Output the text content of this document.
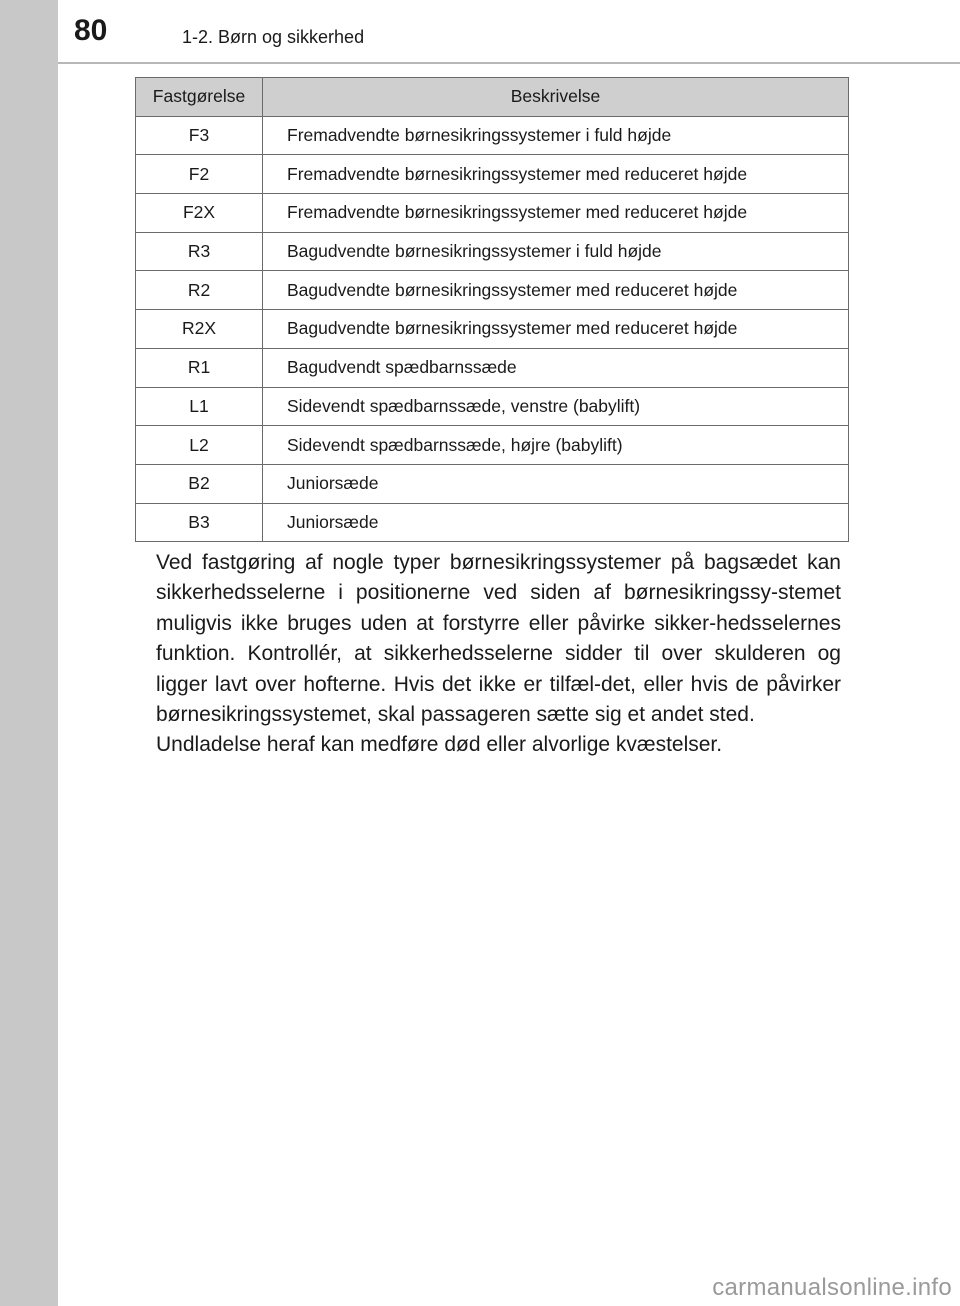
80	1-2. Børn og sikkerhed
Fastgørelse	Beskrivelse
F3	Fremadvendte børnesikringssystemer i fuld højde
F2	Fremadvendte børnesikringssystemer med reduceret højde
F2X	Fremadvendte børnesikringssystemer med reduceret højde
R3	Bagudvendte børnesikringssystemer i fuld højde
R2	Bagudvendte børnesikringssystemer med reduceret højde
R2X	Bagudvendte børnesikringssystemer med reduceret højde
R1	Bagudvendt spædbarnssæde
L1	Sidevendt spædbarnssæde, venstre (babylift)
L2	Sidevendt spædbarnssæde, højre (babylift)
B2	Juniorsæde
B3	Juniorsæde

Ved fastgøring af nogle typer børnesikringssystemer på bagsædet kan sikkerhedsselerne i positionerne ved siden af børnesikringssy-stemet muligvis ikke bruges uden at forstyrre eller påvirke sikker-hedsselernes funktion. Kontrollér, at sikkerhedsselerne sidder til over skulderen og ligger lavt over hofterne. Hvis det ikke er tilfæl-det, eller hvis de påvirker børnesikringssystemet, skal passageren sætte sig et andet sted.

Undladelse heraf kan medføre død eller alvorlige kvæstelser.

carmanualsonline.info
